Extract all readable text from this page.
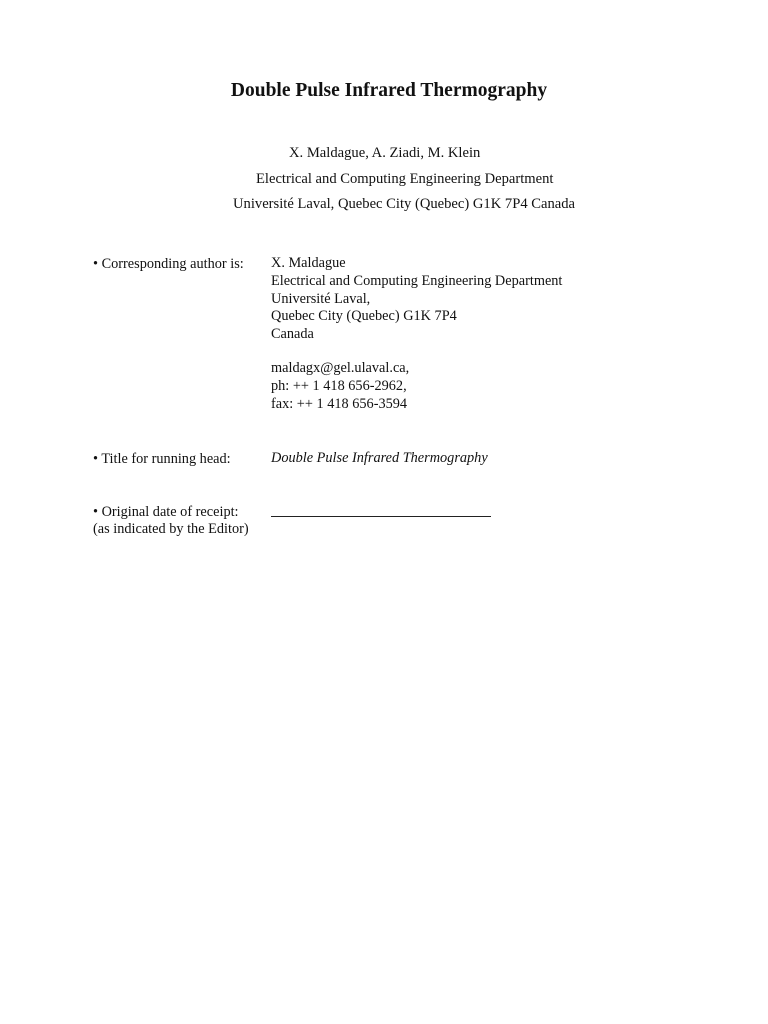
Double Pulse Infrared Thermography
X. Maldague, A. Ziadi, M. Klein
Electrical and Computing Engineering Department
Université Laval, Quebec City (Quebec) G1K 7P4 Canada
• Corresponding author is: X. Maldague
Electrical and Computing Engineering Department
Université Laval,
Quebec City (Quebec) G1K 7P4
Canada
maldagx@gel.ulaval.ca,
ph: ++ 1 418 656-2962,
fax: ++ 1 418 656-3594
• Title for running head:	Double Pulse Infrared Thermography
• Original date of receipt:
(as indicated by the Editor)
